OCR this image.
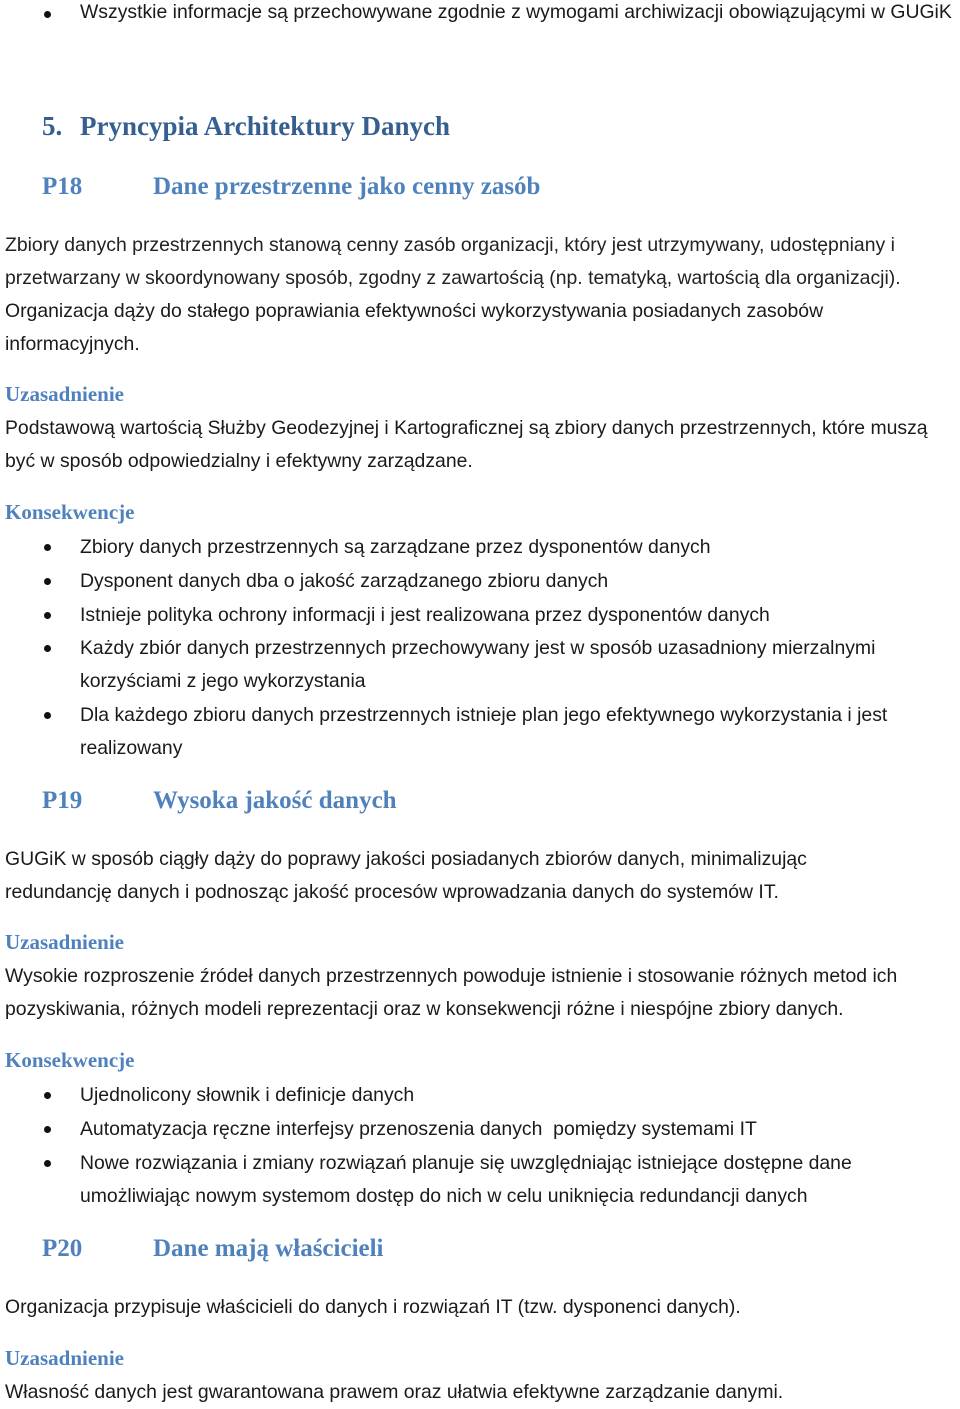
Wszystkie informacje są przechowywane zgodnie z wymogami archiwizacji obowiązującymi w GUGiK

5. Pryncypia Architektury Danych
P18	Dane przestrzenne jako cenny zasób

Zbiory danych przestrzennych stanową cenny zasób organizacji, który jest utrzymywany, udostępniany i przetwarzany w skoordynowany sposób, zgodny z zawartością (np. tematyką, wartością dla organizacji). Organizacja dąży do stałego poprawiania efektywności wykorzystywania posiadanych zasobów informacyjnych.

Uzasadnienie

Podstawową wartością Służby Geodezyjnej i Kartograficznej są zbiory danych przestrzennych, które muszą być w sposób odpowiedzialny i efektywny zarządzane.

Konsekwencje

Zbiory danych przestrzennych są zarządzane przez dysponentów danych

Dysponent danych dba o jakość zarządzanego zbioru danych

Istnieje polityka ochrony informacji i jest realizowana przez dysponentów danych

Każdy zbiór danych przestrzennych przechowywany jest w sposób uzasadniony mierzalnymi korzyściami z jego wykorzystania

Dla każdego zbioru danych przestrzennych istnieje plan jego efektywnego wykorzystania i jest realizowany

P19	Wysoka jakość danych

GUGiK w sposób ciągły dąży do poprawy jakości posiadanych zbiorów danych, minimalizując redundancję danych i podnosząc jakość procesów wprowadzania danych do systemów IT.

Uzasadnienie

Wysokie rozproszenie źródeł danych przestrzennych powoduje istnienie i stosowanie różnych metod ich pozyskiwania, różnych modeli reprezentacji oraz w konsekwencji różne i niespójne zbiory danych.

Konsekwencje

Ujednolicony słownik i definicje danych

Automatyzacja ręczne interfejsy przenoszenia danych  pomiędzy systemami IT

Nowe rozwiązania i zmiany rozwiązań planuje się uwzględniając istniejące dostępne dane umożliwiając nowym systemom dostęp do nich w celu uniknięcia redundancji danych

P20	Dane mają właścicieli

Organizacja przypisuje właścicieli do danych i rozwiązań IT (tzw. dysponenci danych).

Uzasadnienie

Własność danych jest gwarantowana prawem oraz ułatwia efektywne zarządzanie danymi.
